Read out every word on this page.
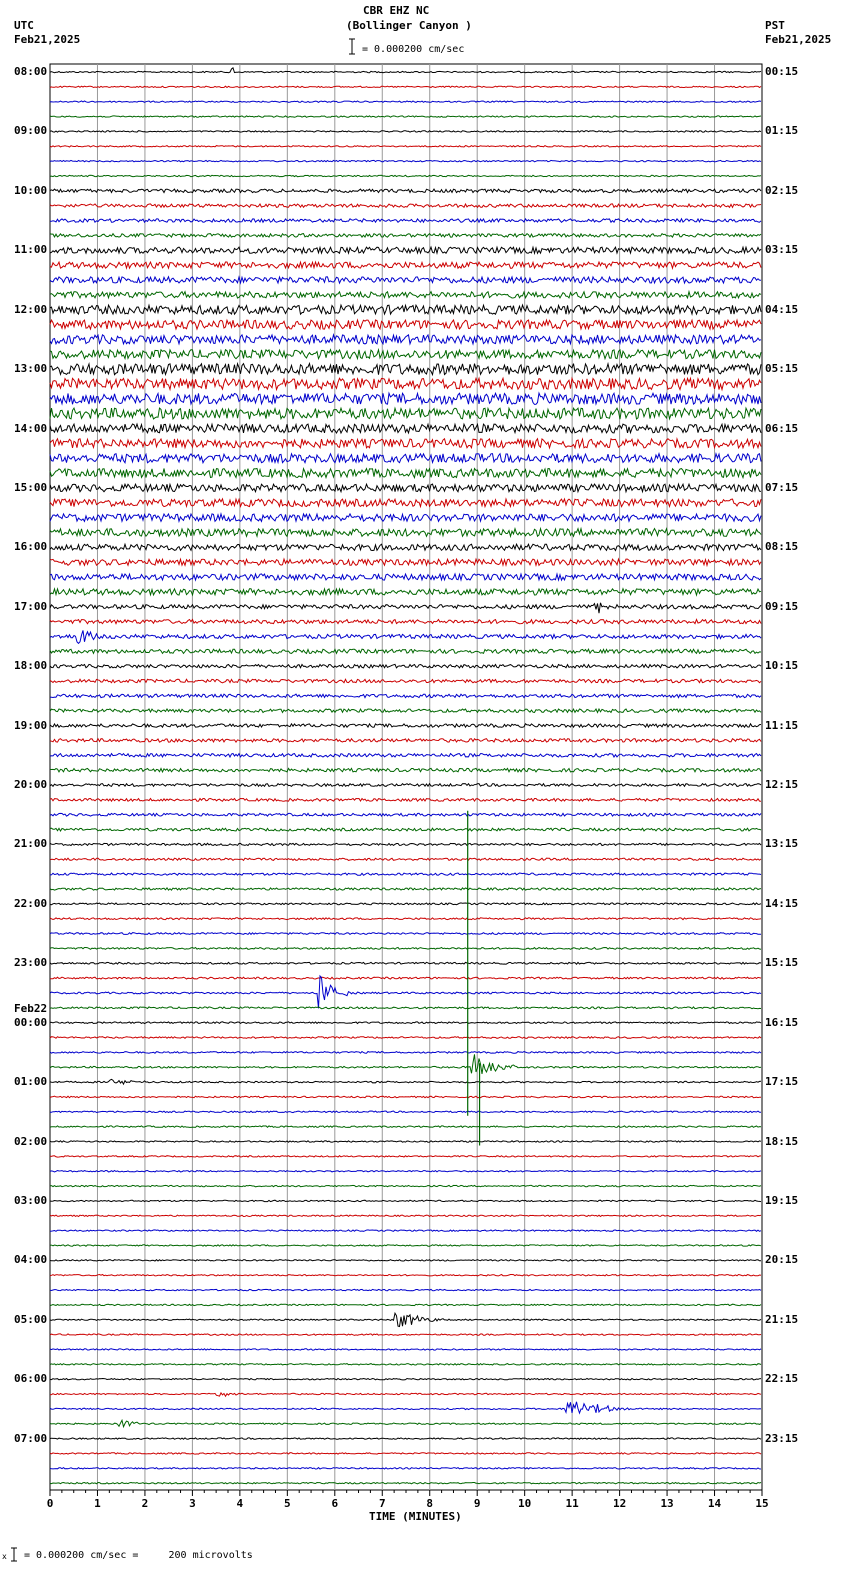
CBR EHZ NC
(Bollinger Canyon )
= 0.000200 cm/sec
UTC
Feb21,2025
PST
Feb21,2025
0	1	2	3	4	5	6	7	8	9	10	11	12	13	14	15
TIME (MINUTES)
x = 0.000200 cm/sec =     200 microvolts
08:00
09:00
10:00
11:00
12:00
13:00
14:00
15:00
16:00
17:00
18:00
19:00
20:00
21:00
22:00
23:00
00:00
01:00
02:00
03:00
04:00
05:00
06:00
07:00
00:15
01:15
02:15
03:15
04:15
05:15
06:15
07:15
08:15
09:15
10:15
11:15
12:15
13:15
14:15
15:15
16:15
17:15
18:15
19:15
20:15
21:15
22:15
23:15
Feb22
